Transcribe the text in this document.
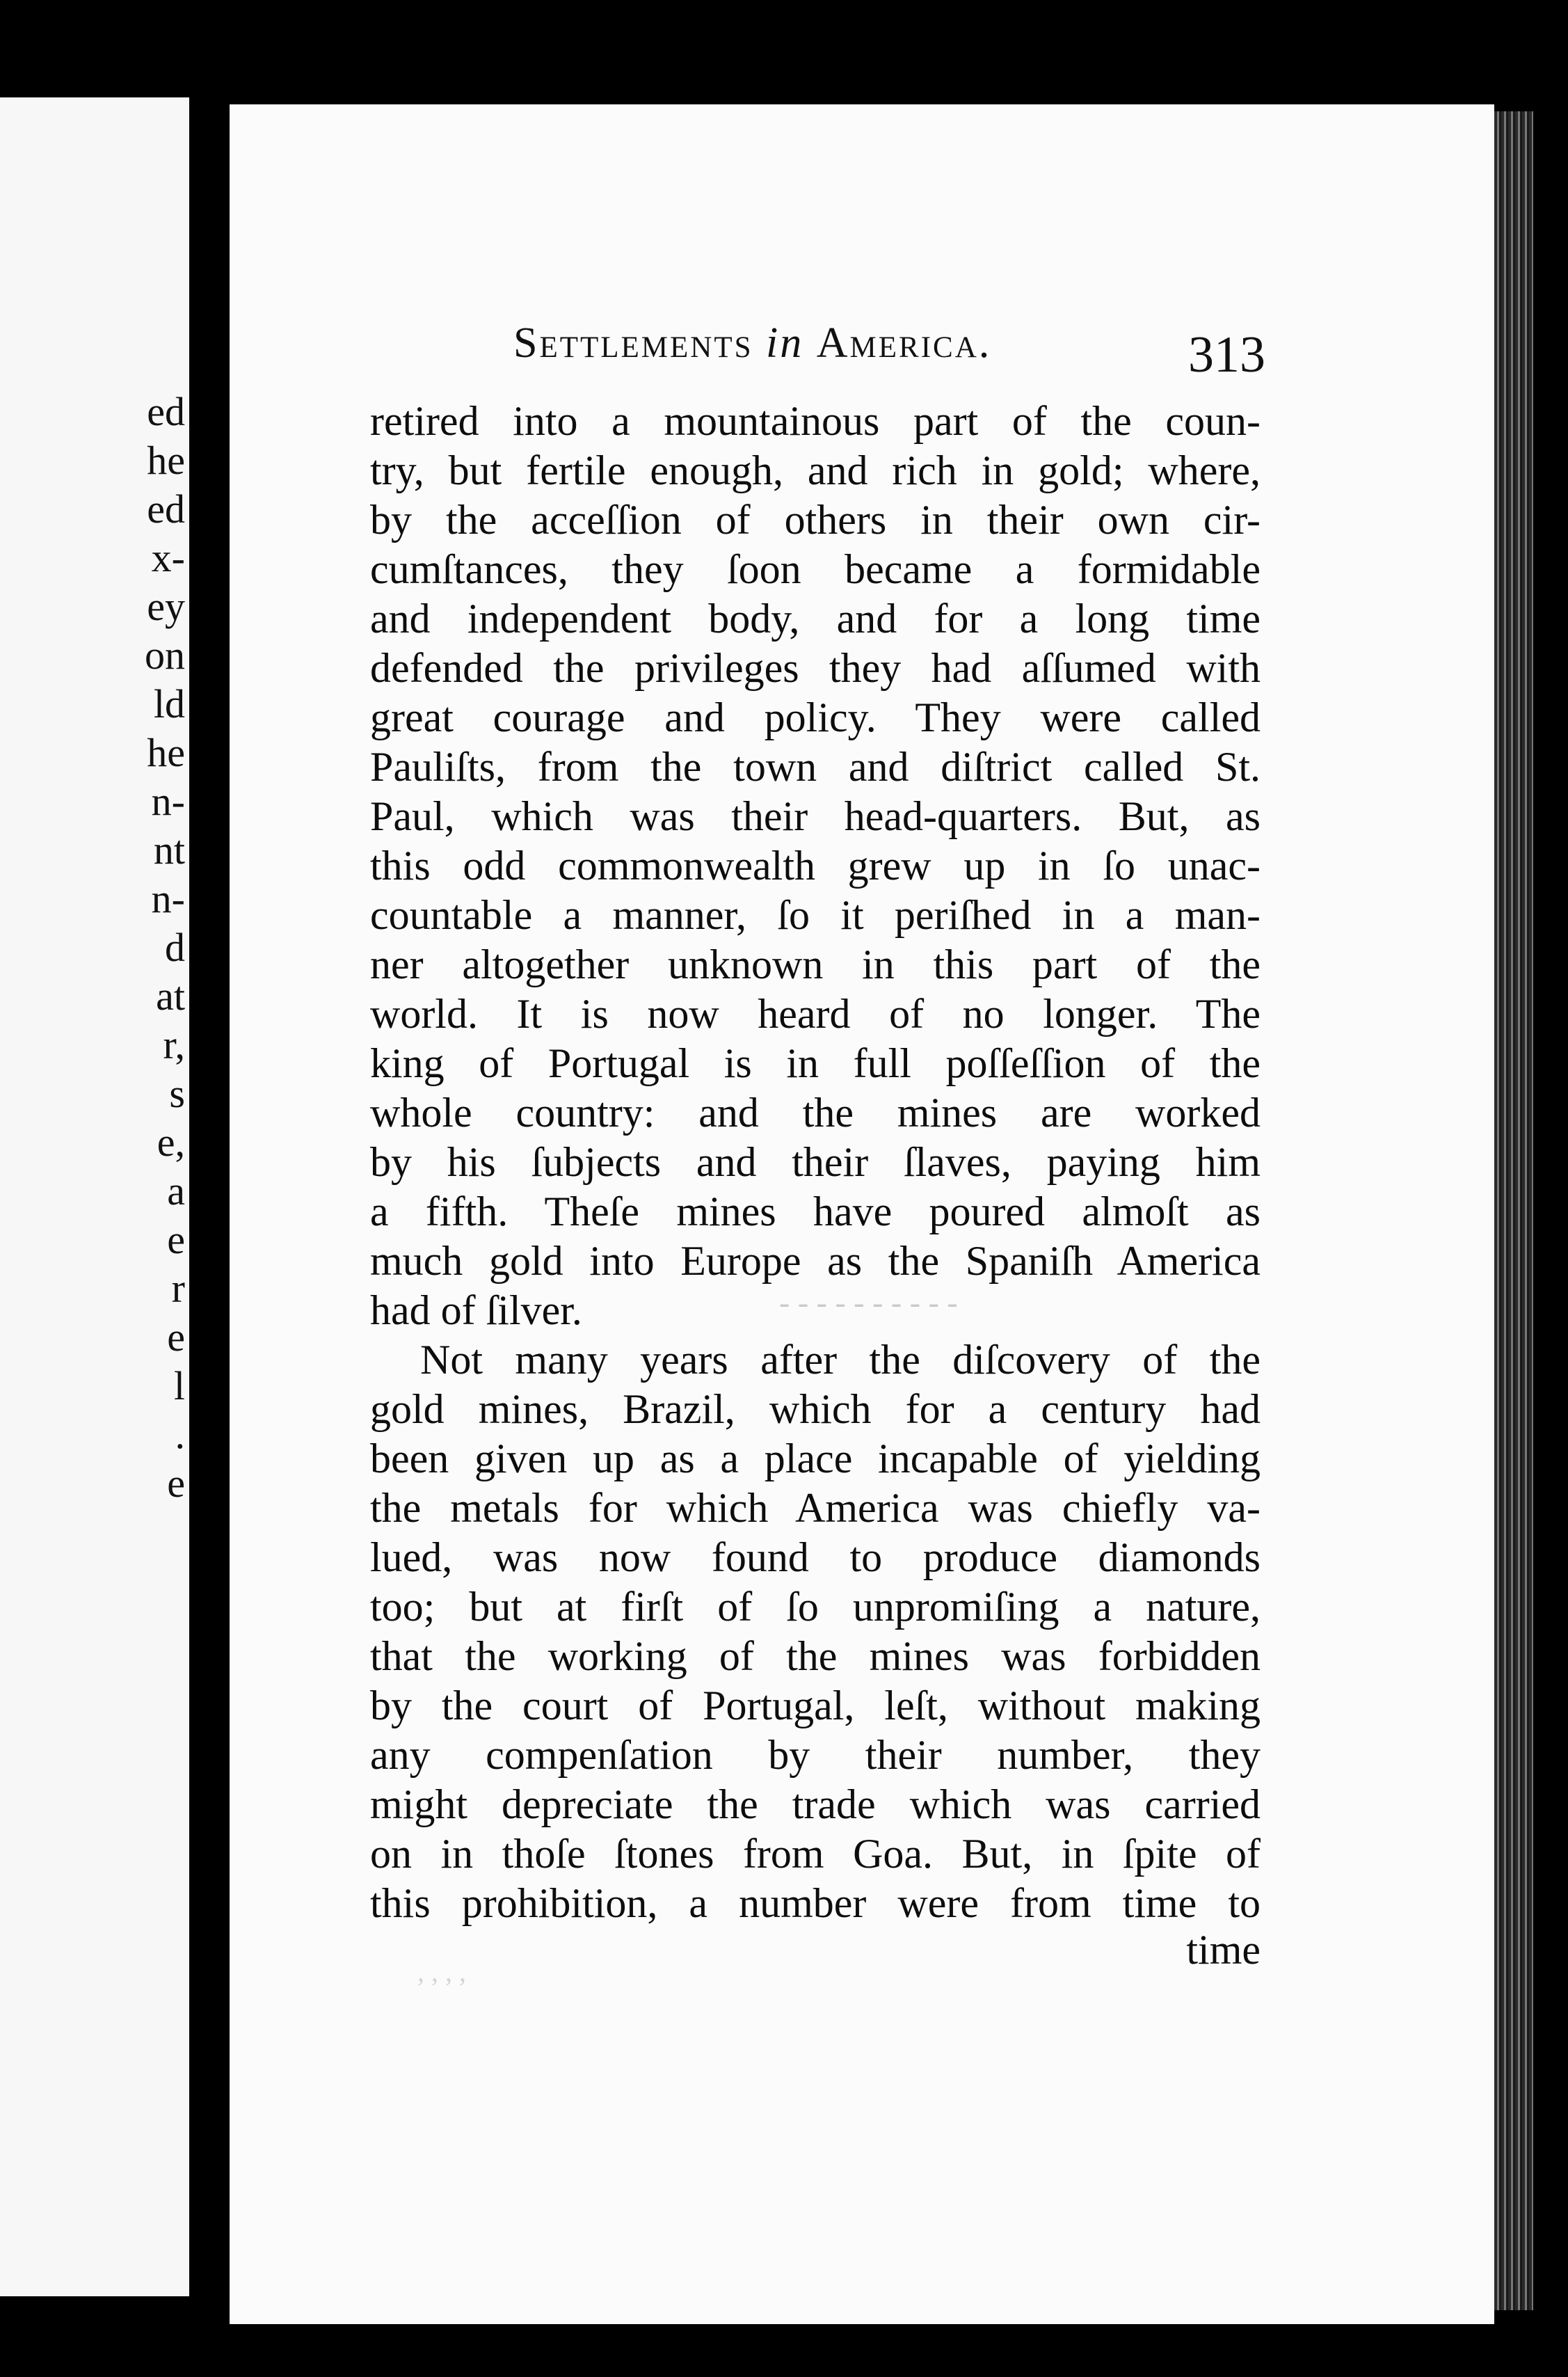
ed
he
ed
x-
ey
on
ld
he
n-
nt
n-
d
at
r,
s
e,
a
e
r
e
l
.
e
Settlements in America.	313
- - - - - - - - - -
, , , ,
retired into a mountainous part of the coun-
try, but fertile enough, and rich in gold; where,
by the acceſſion of others in their own cir-
cumſtances, they ſoon became a formidable
and independent body, and for a long time
defended the privileges they had aſſumed with
great courage and policy. They were called
Pauliſts, from the town and diſtrict called St.
Paul, which was their head-quarters. But, as
this odd commonwealth grew up in ſo unac-
countable a manner, ſo it periſhed in a man-
ner altogether unknown in this part of the
world. It is now heard of no longer. The
king of Portugal is in full poſſeſſion of the
whole country: and the mines are worked
by his ſubjects and their ſlaves, paying him
a fifth. Theſe mines have poured almoſt as
much gold into Europe as the Spaniſh America
had of ſilver.
Not many years after the diſcovery of the
gold mines, Brazil, which for a century had
been given up as a place incapable of yielding
the metals for which America was chiefly va-
lued, was now found to produce diamonds
too; but at firſt of ſo unpromiſing a nature,
that the working of the mines was forbidden
by the court of Portugal, leſt, without making
any compenſation by their number, they
might depreciate the trade which was carried
on in thoſe ſtones from Goa. But, in ſpite of
this prohibition, a number were from time to
time
